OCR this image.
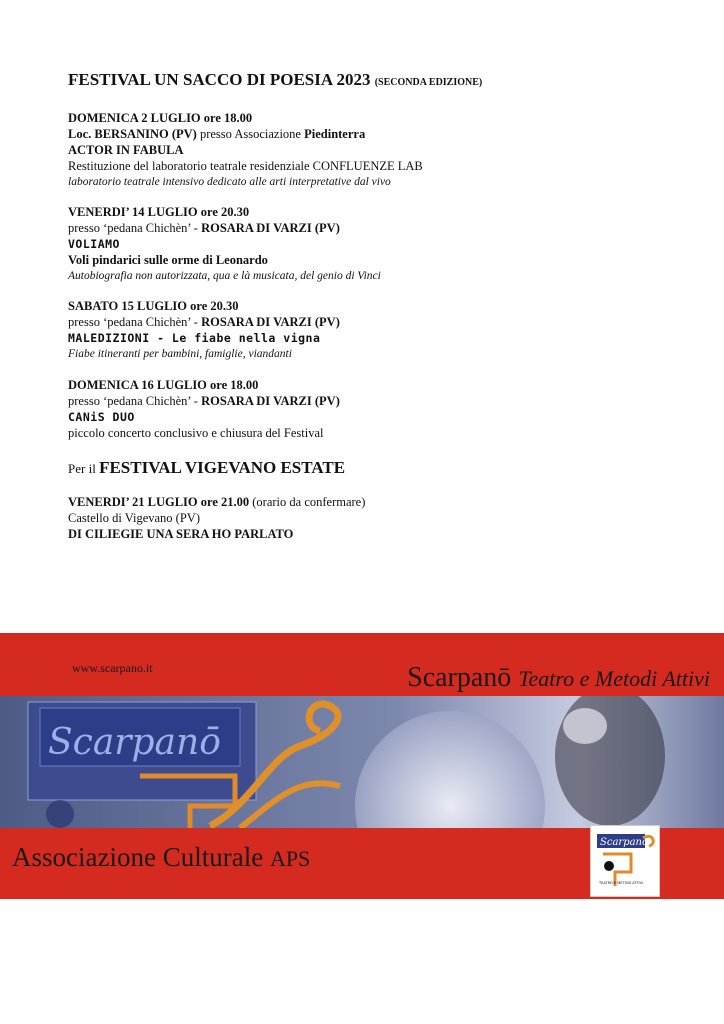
FESTIVAL UN SACCO DI POESIA 2023 (SECONDA EDIZIONE)
DOMENICA 2 LUGLIO ore 18.00
Loc. BERSANINO (PV) presso Associazione Piedinterra
ACTOR IN FABULA
Restituzione del laboratorio teatrale residenziale CONFLUENZE LAB
laboratorio teatrale intensivo dedicato alle arti interpretative dal vivo
VENERDI’ 14 LUGLIO ore 20.30
presso ‘pedana Chichèn’ - ROSARA DI VARZI (PV)
VOLIAMO
Voli pindarici sulle orme di Leonardo
Autobiografia non autorizzata, qua e là musicata, del genio di Vinci
SABATO 15 LUGLIO ore 20.30
presso ‘pedana Chichèn’ - ROSARA DI VARZI (PV)
MALEDIZIONI - Le fiabe nella vigna
Fiabe itineranti per bambini, famiglie, viandanti
DOMENICA 16 LUGLIO ore 18.00
presso ‘pedana Chichèn’ - ROSARA DI VARZI (PV)
CANiS DUO
piccolo concerto conclusivo e chiusura del Festival
Per il FESTIVAL VIGEVANO ESTATE
VENERDI’ 21 LUGLIO ore 21.00 (orario da confermare)
Castello di Vigevano (PV)
DI CILIEGIE UNA SERA HO PARLATO
www.scarpano.it	Scarpanō Teatro e Metodi Attivi
Scarpanō
Associazione Culturale APS
Scarpanō
TEATRO E METODI ATTIVI
